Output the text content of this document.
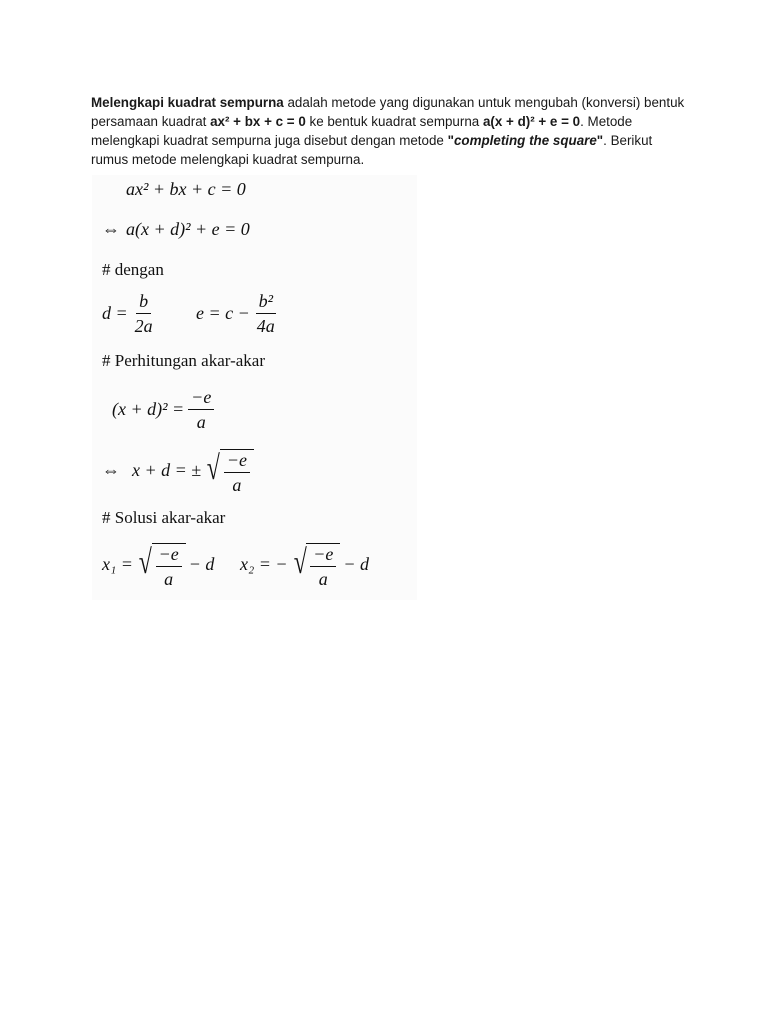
Melengkapi kuadrat sempurna adalah metode yang digunakan untuk mengubah (konversi) bentuk persamaan kuadrat ax² + bx + c = 0 ke bentuk kuadrat sempurna a(x + d)² + e = 0. Metode melengkapi kuadrat sempurna juga disebut dengan metode "completing the square". Berikut rumus metode melengkapi kuadrat sempurna.
ax² + bx + c = 0
⇔ a(x + d)² + e = 0
# dengan
$d = \frac{b}{2a}$ $e = c - \frac{\text{b²}}{4a}$
# Perhitungan akar-akar
$(x + d)^2 = \frac{-e}{a}$
⇔ x + d = ± √ $\frac{-e}{a}$
# Solusi akar-akar
x₁ = √ $\frac{-e}{a} - d$ x₂ = − √ $\frac{-e}{a} - d$
